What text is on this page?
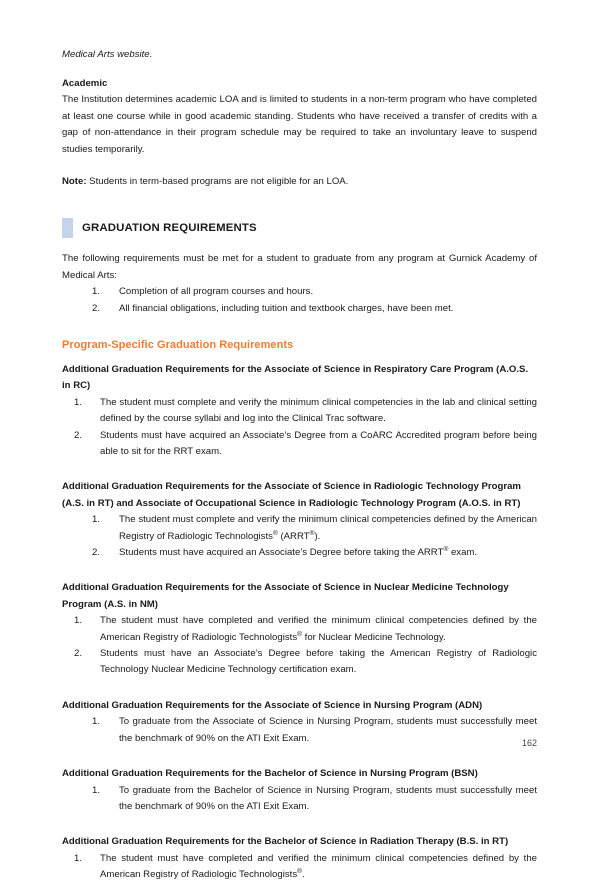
Medical Arts website.

Academic

The Institution determines academic LOA and is limited to students in a non-term program who have completed at least one course while in good academic standing. Students who have received a transfer of credits with a gap of non-attendance in their program schedule may be required to take an involuntary leave to suspend studies temporarily.

Note: Students in term-based programs are not eligible for an LOA.

GRADUATION REQUIREMENTS

The following requirements must be met for a student to graduate from any program at Gurnick Academy of Medical Arts:

1. Completion of all program courses and hours.
2. All financial obligations, including tuition and textbook charges, have been met.

Program-Specific Graduation Requirements

Additional Graduation Requirements for the Associate of Science in Respiratory Care Program (A.O.S. in RC)

1. The student must complete and verify the minimum clinical competencies in the lab and clinical setting defined by the course syllabi and log into the Clinical Trac software.
2. Students must have acquired an Associate’s Degree from a CoARC Accredited program before being able to sit for the RRT exam.

Additional Graduation Requirements for the Associate of Science in Radiologic Technology Program (A.S. in RT) and Associate of Occupational Science in Radiologic Technology Program (A.O.S. in RT)

1. The student must complete and verify the minimum clinical competencies defined by the American Registry of Radiologic Technologists® (ARRT®).
2. Students must have acquired an Associate’s Degree before taking the ARRT® exam.

Additional Graduation Requirements for the Associate of Science in Nuclear Medicine Technology Program (A.S. in NM)

1. The student must have completed and verified the minimum clinical competencies defined by the American Registry of Radiologic Technologists® for Nuclear Medicine Technology.
2. Students must have an Associate’s Degree before taking the American Registry of Radiologic Technology Nuclear Medicine Technology certification exam.

Additional Graduation Requirements for the Associate of Science in Nursing Program (ADN)

1. To graduate from the Associate of Science in Nursing Program, students must successfully meet the benchmark of 90% on the ATI Exit Exam.

Additional Graduation Requirements for the Bachelor of Science in Nursing Program (BSN)

1. To graduate from the Bachelor of Science in Nursing Program, students must successfully meet the benchmark of 90% on the ATI Exit Exam.

Additional Graduation Requirements for the Bachelor of Science in Radiation Therapy (B.S. in RT)

1. The student must have completed and verified the minimum clinical competencies defined by the American Registry of Radiologic Technologists®.
162
